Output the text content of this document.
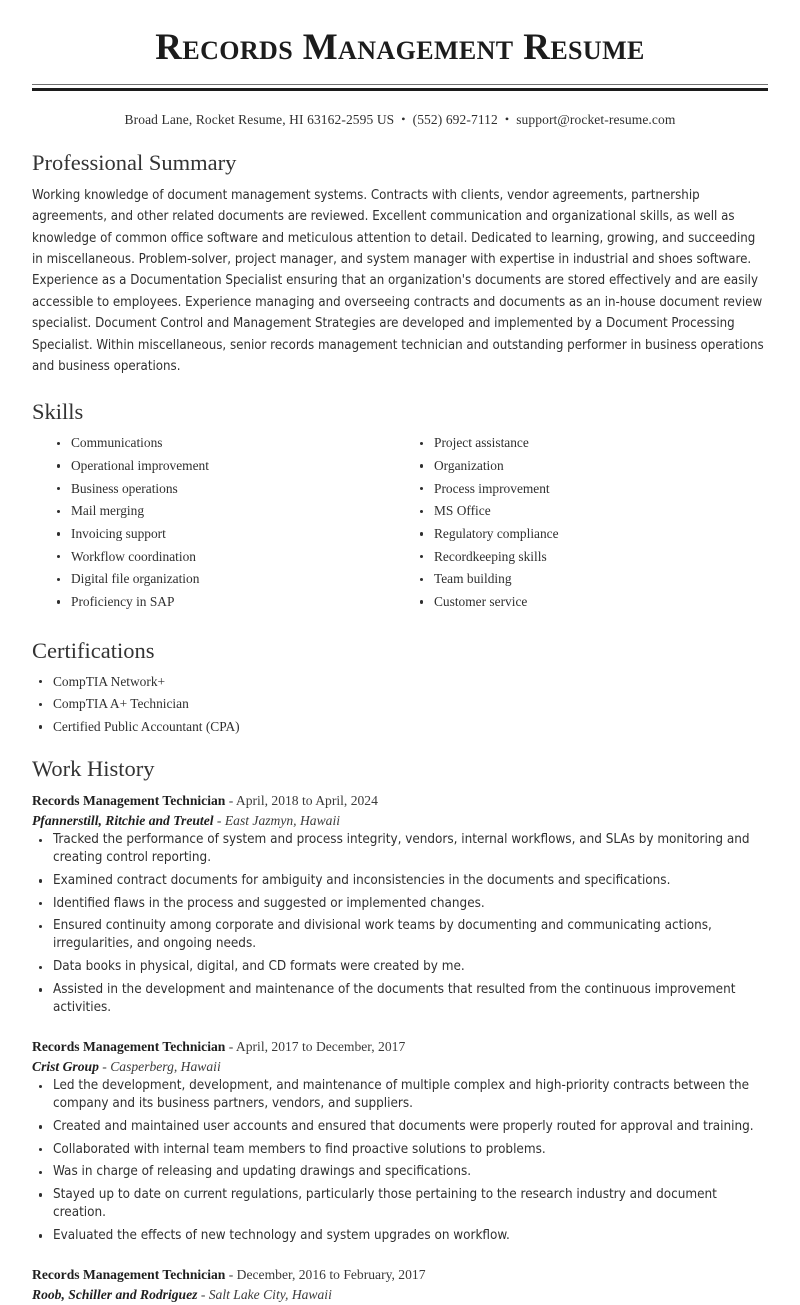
Records Management Resume
Broad Lane, Rocket Resume, HI 63162-2595 US • (552) 692-7112 • support@rocket-resume.com
Professional Summary

Working knowledge of document management systems. Contracts with clients, vendor agreements, partnership agreements, and other related documents are reviewed. Excellent communication and organizational skills, as well as knowledge of common office software and meticulous attention to detail. Dedicated to learning, growing, and succeeding in miscellaneous. Problem-solver, project manager, and system manager with expertise in industrial and shoes software. Experience as a Documentation Specialist ensuring that an organization's documents are stored effectively and are easily accessible to employees. Experience managing and overseeing contracts and documents as an in-house document review specialist. Document Control and Management Strategies are developed and implemented by a Document Processing Specialist. Within miscellaneous, senior records management technician and outstanding performer in business operations and business operations.

Skills
Communications
Operational improvement
Business operations
Mail merging
Invoicing support
Workflow coordination
Digital file organization
Proficiency in SAP
Project assistance
Organization
Process improvement
MS Office
Regulatory compliance
Recordkeeping skills
Team building
Customer service
Certifications
CompTIA Network+
CompTIA A+ Technician
Certified Public Accountant (CPA)
Work History
Records Management Technician - April, 2018 to April, 2024
Pfannerstill, Ritchie and Treutel - East Jazmyn, Hawaii
Tracked the performance of system and process integrity, vendors, internal workflows, and SLAs by monitoring and creating control reporting.
Examined contract documents for ambiguity and inconsistencies in the documents and specifications.
Identified flaws in the process and suggested or implemented changes.
Ensured continuity among corporate and divisional work teams by documenting and communicating actions, irregularities, and ongoing needs.
Data books in physical, digital, and CD formats were created by me.
Assisted in the development and maintenance of the documents that resulted from the continuous improvement activities.
Records Management Technician - April, 2017 to December, 2017
Crist Group - Casperberg, Hawaii
Led the development, development, and maintenance of multiple complex and high-priority contracts between the company and its business partners, vendors, and suppliers.
Created and maintained user accounts and ensured that documents were properly routed for approval and training.
Collaborated with internal team members to find proactive solutions to problems.
Was in charge of releasing and updating drawings and specifications.
Stayed up to date on current regulations, particularly those pertaining to the research industry and document creation.
Evaluated the effects of new technology and system upgrades on workflow.
Records Management Technician - December, 2016 to February, 2017
Roob, Schiller and Rodriguez - Salt Lake City, Hawaii
